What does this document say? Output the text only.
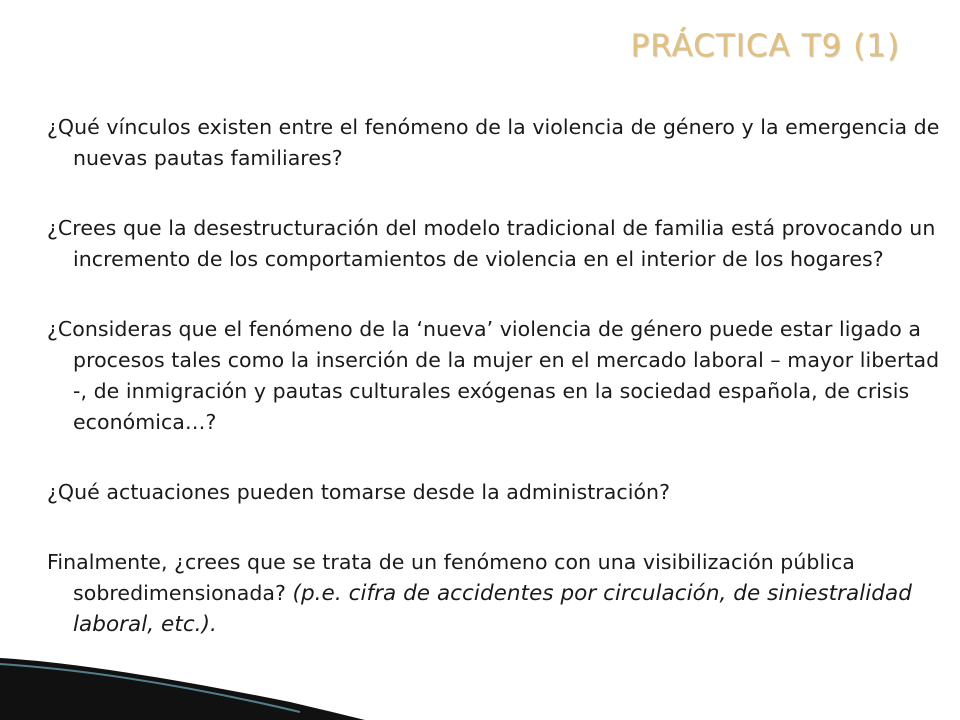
PRÁCTICA T9 (1)

¿Qué vínculos existen entre el fenómeno de la violencia de género y la emergencia de nuevas pautas familiares?

¿Crees que la desestructuración del modelo tradicional de familia está provocando un incremento de los comportamientos de violencia en el interior de los hogares?

¿Consideras que el fenómeno de la ‘nueva’ violencia de género puede estar ligado a procesos tales como la inserción de la mujer en el mercado laboral – mayor libertad -, de inmigración y pautas culturales exógenas en la sociedad española, de crisis económica…?

¿Qué actuaciones pueden tomarse desde la administración?

Finalmente, ¿crees que se trata de un fenómeno con una visibilización pública sobredimensionada? (p.e. cifra de accidentes por circulación, de siniestralidad laboral, etc.).
